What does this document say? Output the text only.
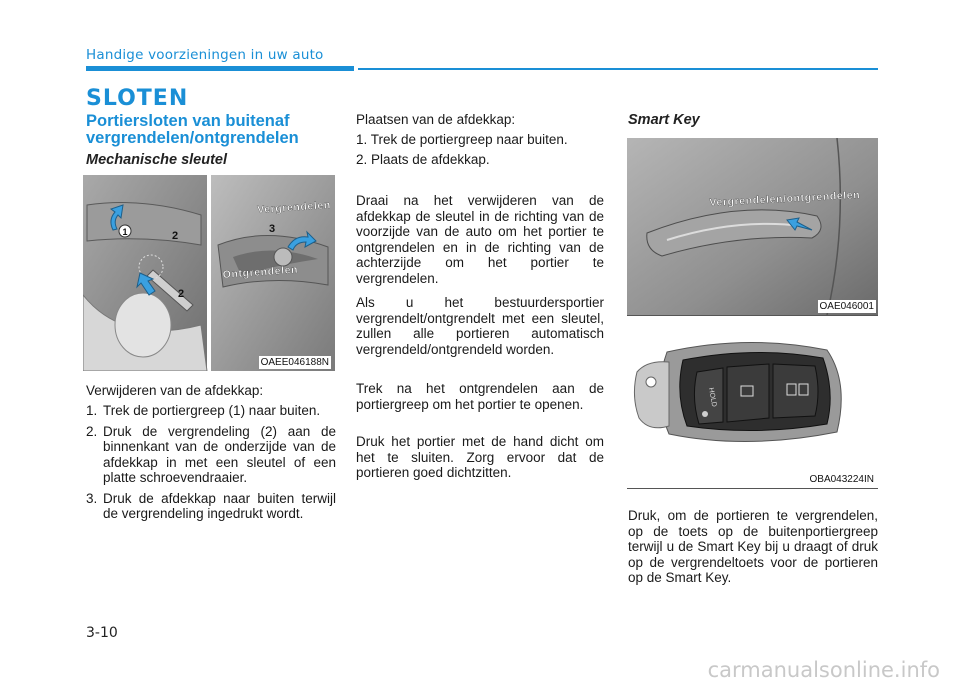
Handige voorzieningen in uw auto
SLOTEN
Portiersloten van buitenaf vergrendelen/ontgrendelen
Mechanische sleutel
1	2
2
3
Vergrendelen
Ontgrendelen
OAEE046188N
Verwijderen van de afdekkap:
1. Trek de portiergreep (1) naar buiten.
2. Druk de vergrendeling (2) aan de binnenkant van de onderzijde van de afdekkap in met een sleutel of een platte schroevendraaier.
3. Druk de afdekkap naar buiten terwijl de vergrendeling ingedrukt wordt.
Plaatsen van de afdekkap:
1. Trek de portiergreep naar buiten.
2. Plaats de afdekkap.
Draai na het verwijderen van de afdekkap de sleutel in de richting van de voorzijde van de auto om het portier te ontgrendelen en in de richting van de achterzijde om het portier te vergrendelen.
Als u het bestuurdersportier vergrendelt/ontgrendelt met een sleutel, zullen alle portieren automatisch vergrendeld/ontgrendeld worden.
Trek na het ontgrendelen aan de portiergreep om het portier te openen.
Druk het portier met de hand dicht om het te sluiten. Zorg ervoor dat de portieren goed dichtzitten.
Smart Key
Vergrendelen/ontgrendelen
OAE046001
HOLD
OBA043224IN
Druk, om de portieren te vergrendelen, op de toets op de buitenportiergreep terwijl u de Smart Key bij u draagt of druk op de vergrendeltoets voor de portieren op de Smart Key.
3-10
carmanualsonline.info
